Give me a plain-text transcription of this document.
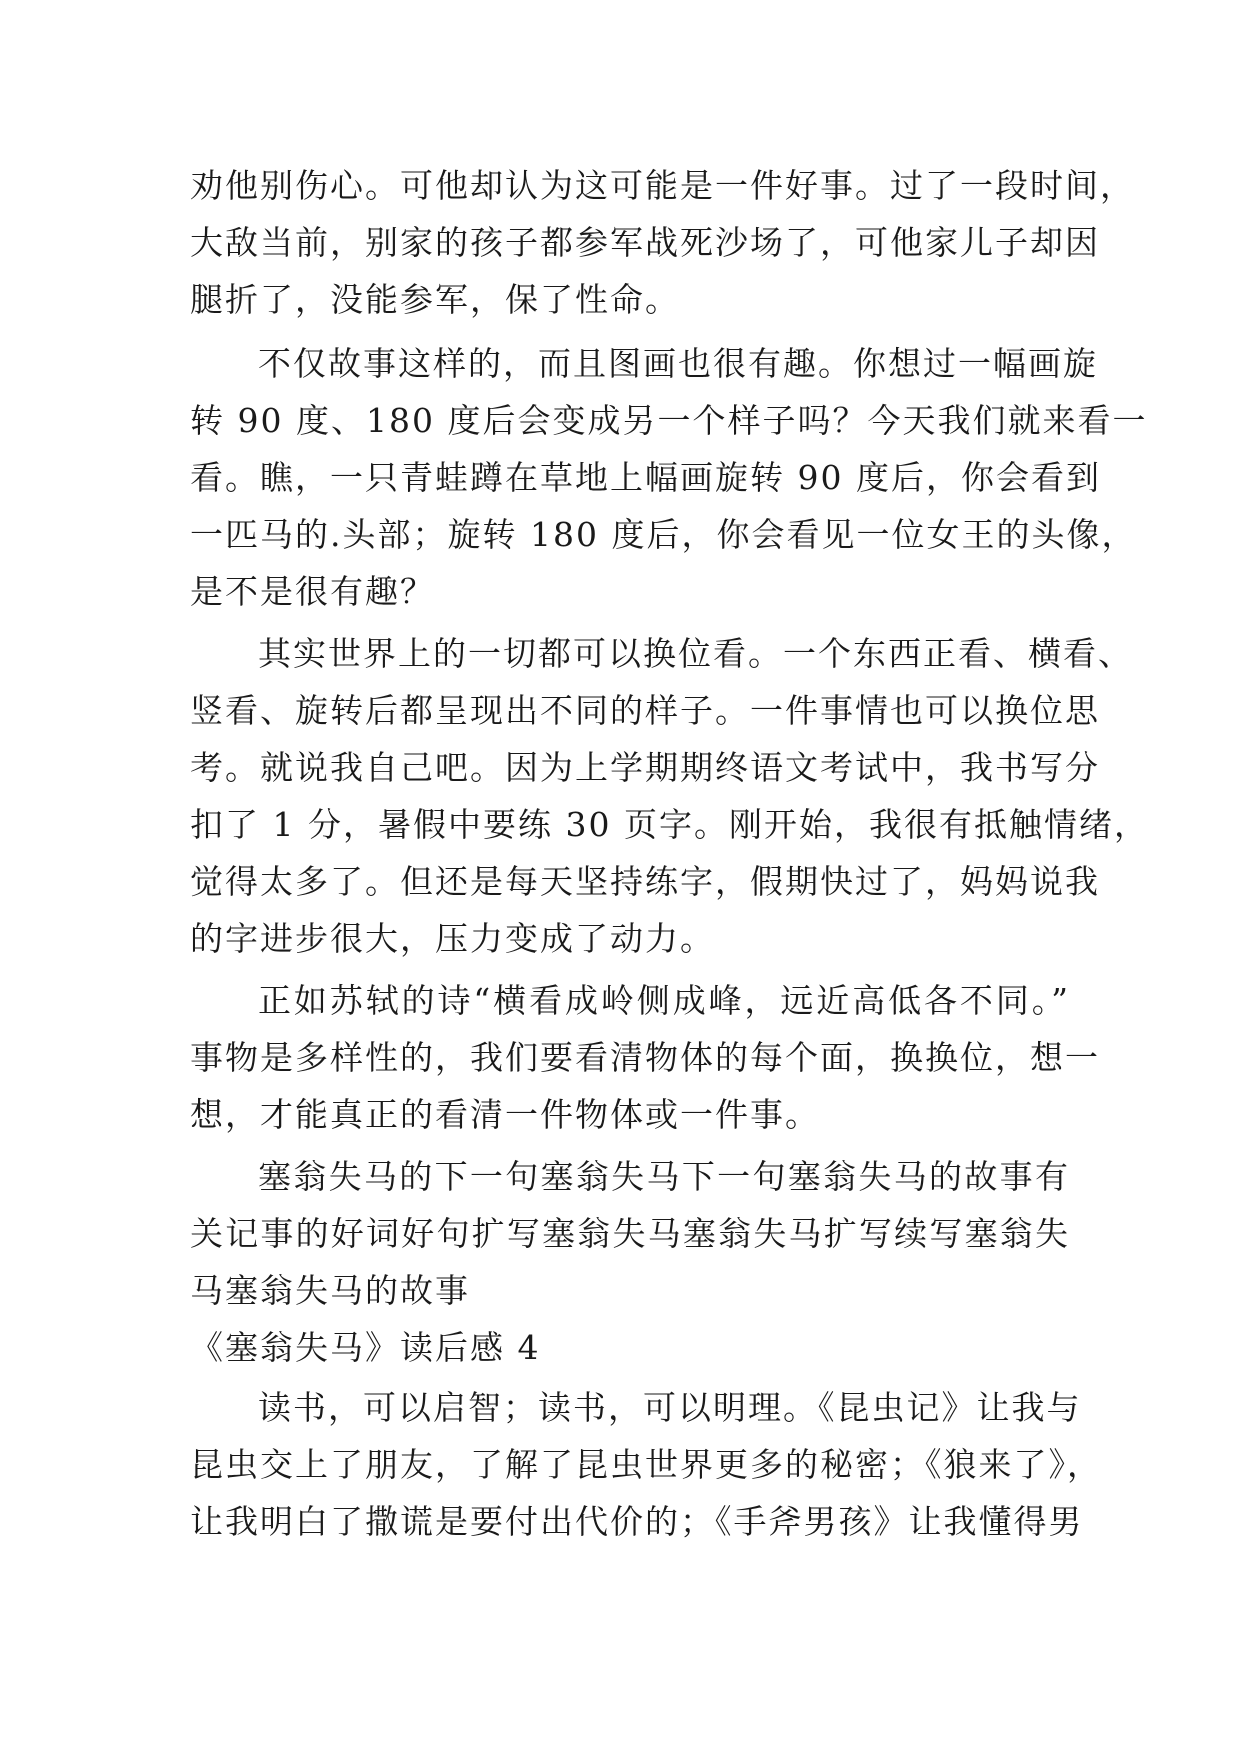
劝他别伤心。可他却认为这可能是一件好事。过了一段时间，
大敌当前，别家的孩子都参军战死沙场了，可他家儿子却因
腿折了，没能参军，保了性命。
不仅故事这样的，而且图画也很有趣。你想过一幅画旋
转 90 度、180 度后会变成另一个样子吗？今天我们就来看一
看。瞧，一只青蛙蹲在草地上幅画旋转 90 度后，你会看到
一匹马的.头部；旋转 180 度后，你会看见一位女王的头像，
是不是很有趣？
其实世界上的一切都可以换位看。一个东西正看、横看、
竖看、旋转后都呈现出不同的样子。一件事情也可以换位思
考。就说我自己吧。因为上学期期终语文考试中，我书写分
扣了 1 分，暑假中要练 30 页字。刚开始，我很有抵触情绪，
觉得太多了。但还是每天坚持练字，假期快过了，妈妈说我
的字进步很大，压力变成了动力。
正如苏轼的诗“横看成岭侧成峰，远近高低各不同。”
事物是多样性的，我们要看清物体的每个面，换换位，想一
想，才能真正的看清一件物体或一件事。
塞翁失马的下一句塞翁失马下一句塞翁失马的故事有
关记事的好词好句扩写塞翁失马塞翁失马扩写续写塞翁失
马塞翁失马的故事
《塞翁失马》读后感 4
读书，可以启智；读书，可以明理。《昆虫记》让我与
昆虫交上了朋友，了解了昆虫世界更多的秘密；《狼来了》，
让我明白了撒谎是要付出代价的；《手斧男孩》让我懂得男
